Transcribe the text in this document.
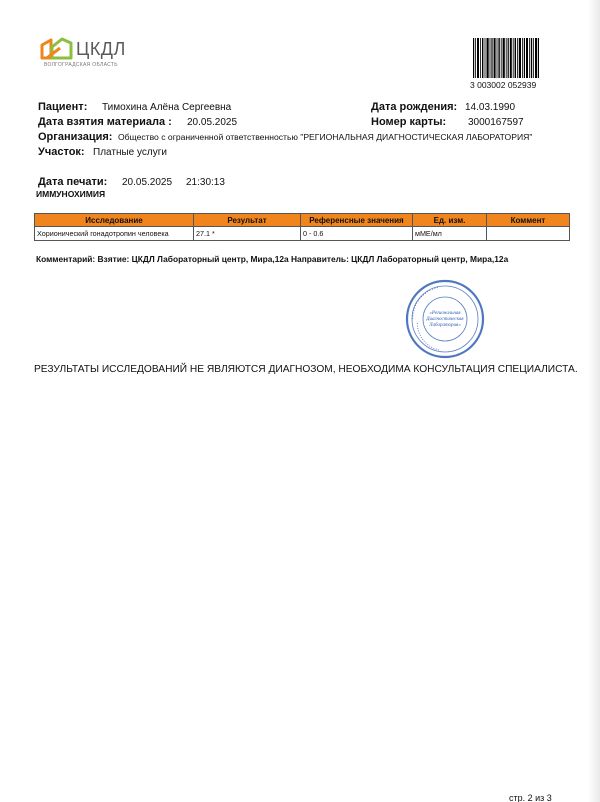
ЦКДЛ
ВОЛГОГРАДСКАЯ ОБЛАСТЬ
3 003002 052939
Пациент: Тимохина Алёна Сергеевна	Дата рождения: 14.03.1990
Дата взятия материала : 20.05.2025	Номер карты: 3000167597
Организация: Общество с ограниченной ответственностью "РЕГИОНАЛЬНАЯ ДИАГНОСТИЧЕСКАЯ ЛАБОРАТОРИЯ"
Участок: Платные услуги
Дата печати: 20.05.2025 21:30:13
ИММУНОХИМИЯ
Исследование	Результат	Референсные значения	Ед. изм.	Коммент
Хорионический гонадотропин человека	27.1 *	0 - 0.6	мМЕ/мл	
Комментарий: Взятие: ЦКДЛ Лабораторный центр, Мира,12а Направитель: ЦКДЛ Лабораторный центр, Мира,12а
• • • • • • • • • • • • • • • • •
• • • • • • • • • • • • • • • •
«Региональная
Диагностическая
Лаборатория»
РЕЗУЛЬТАТЫ ИССЛЕДОВАНИЙ НЕ ЯВЛЯЮТСЯ ДИАГНОЗОМ, НЕОБХОДИМА КОНСУЛЬТАЦИЯ СПЕЦИАЛИСТА.
стр. 2 из 3
